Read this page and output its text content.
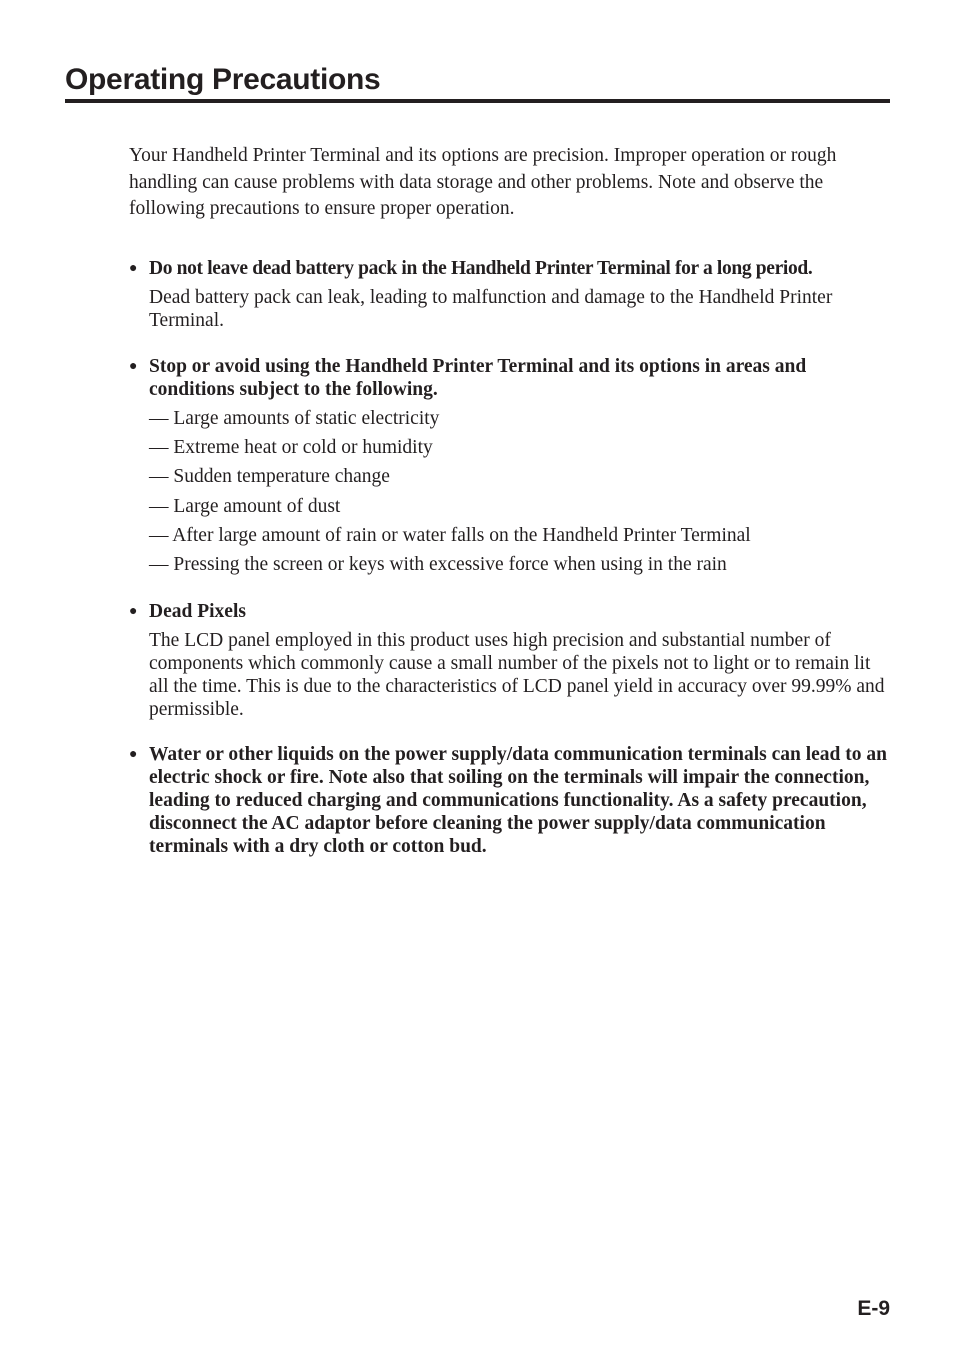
Operating Precautions

Your Handheld Printer Terminal and its options are precision. Improper operation or rough handling can cause problems with data storage and other problems. Note and observe the following precautions to ensure proper operation.

● Do not leave dead battery pack in the Handheld Printer Terminal for a long period.

Dead battery pack can leak, leading to malfunction and damage to the Handheld Printer Terminal.

● Stop or avoid using the Handheld Printer Terminal and its options in areas and conditions subject to the following.

— Large amounts of static electricity
— Extreme heat or cold or humidity
— Sudden temperature change
— Large amount of dust
— After large amount of rain or water falls on the Handheld Printer Terminal
— Pressing the screen or keys with excessive force when using in the rain
● Dead Pixels

The LCD panel employed in this product uses high precision and substantial number of components which commonly cause a small number of the pixels not to light or to remain lit all the time. This is due to the characteristics of LCD panel yield in accuracy over 99.99% and permissible.

● Water or other liquids on the power supply/data communication terminals can lead to an electric shock or fire. Note also that soiling on the terminals will impair the connection, leading to reduced charging and communications functionality. As a safety precaution, disconnect the AC adaptor before cleaning the power supply/data communication terminals with a dry cloth or cotton bud.

E-9
